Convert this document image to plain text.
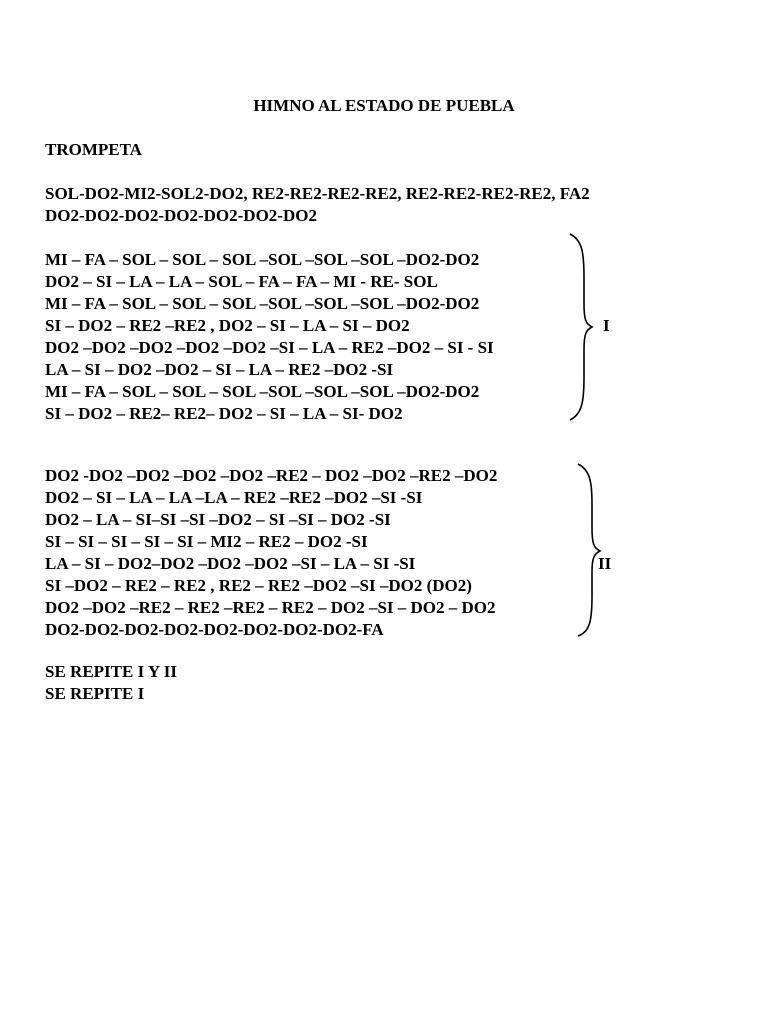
HIMNO AL ESTADO DE PUEBLA
TROMPETA
SOL-DO2-MI2-SOL2-DO2, RE2-RE2-RE2-RE2, RE2-RE2-RE2-RE2, FA2
DO2-DO2-DO2-DO2-DO2-DO2-DO2
MI – FA – SOL – SOL – SOL –SOL –SOL –SOL –DO2-DO2
DO2 – SI – LA – LA – SOL – FA – FA – MI - RE- SOL
MI – FA – SOL – SOL – SOL –SOL –SOL –SOL –DO2-DO2
SI – DO2 – RE2 –RE2 , DO2 – SI – LA – SI – DO2
DO2 –DO2 –DO2 –DO2 –DO2 –SI – LA – RE2 –DO2 – SI - SI
LA – SI – DO2 –DO2 – SI – LA – RE2 –DO2 -SI
MI – FA – SOL – SOL – SOL –SOL –SOL –SOL –DO2-DO2
SI – DO2 – RE2– RE2– DO2 – SI – LA – SI- DO2
I
DO2 -DO2 –DO2 –DO2 –DO2 –RE2 – DO2 –DO2 –RE2 –DO2
DO2 – SI – LA – LA –LA – RE2 –RE2 –DO2 –SI -SI
DO2 – LA – SI–SI –SI –DO2 – SI –SI – DO2 -SI
SI – SI – SI – SI – SI – MI2 – RE2 – DO2 -SI
LA – SI – DO2–DO2 –DO2 –DO2 –SI – LA – SI -SI
SI –DO2 – RE2 – RE2 , RE2 – RE2 –DO2 –SI –DO2 (DO2)
DO2 –DO2 –RE2 – RE2 –RE2 – RE2 – DO2 –SI – DO2 – DO2
DO2-DO2-DO2-DO2-DO2-DO2-DO2-DO2-FA
II
SE REPITE I Y II
SE REPITE I
